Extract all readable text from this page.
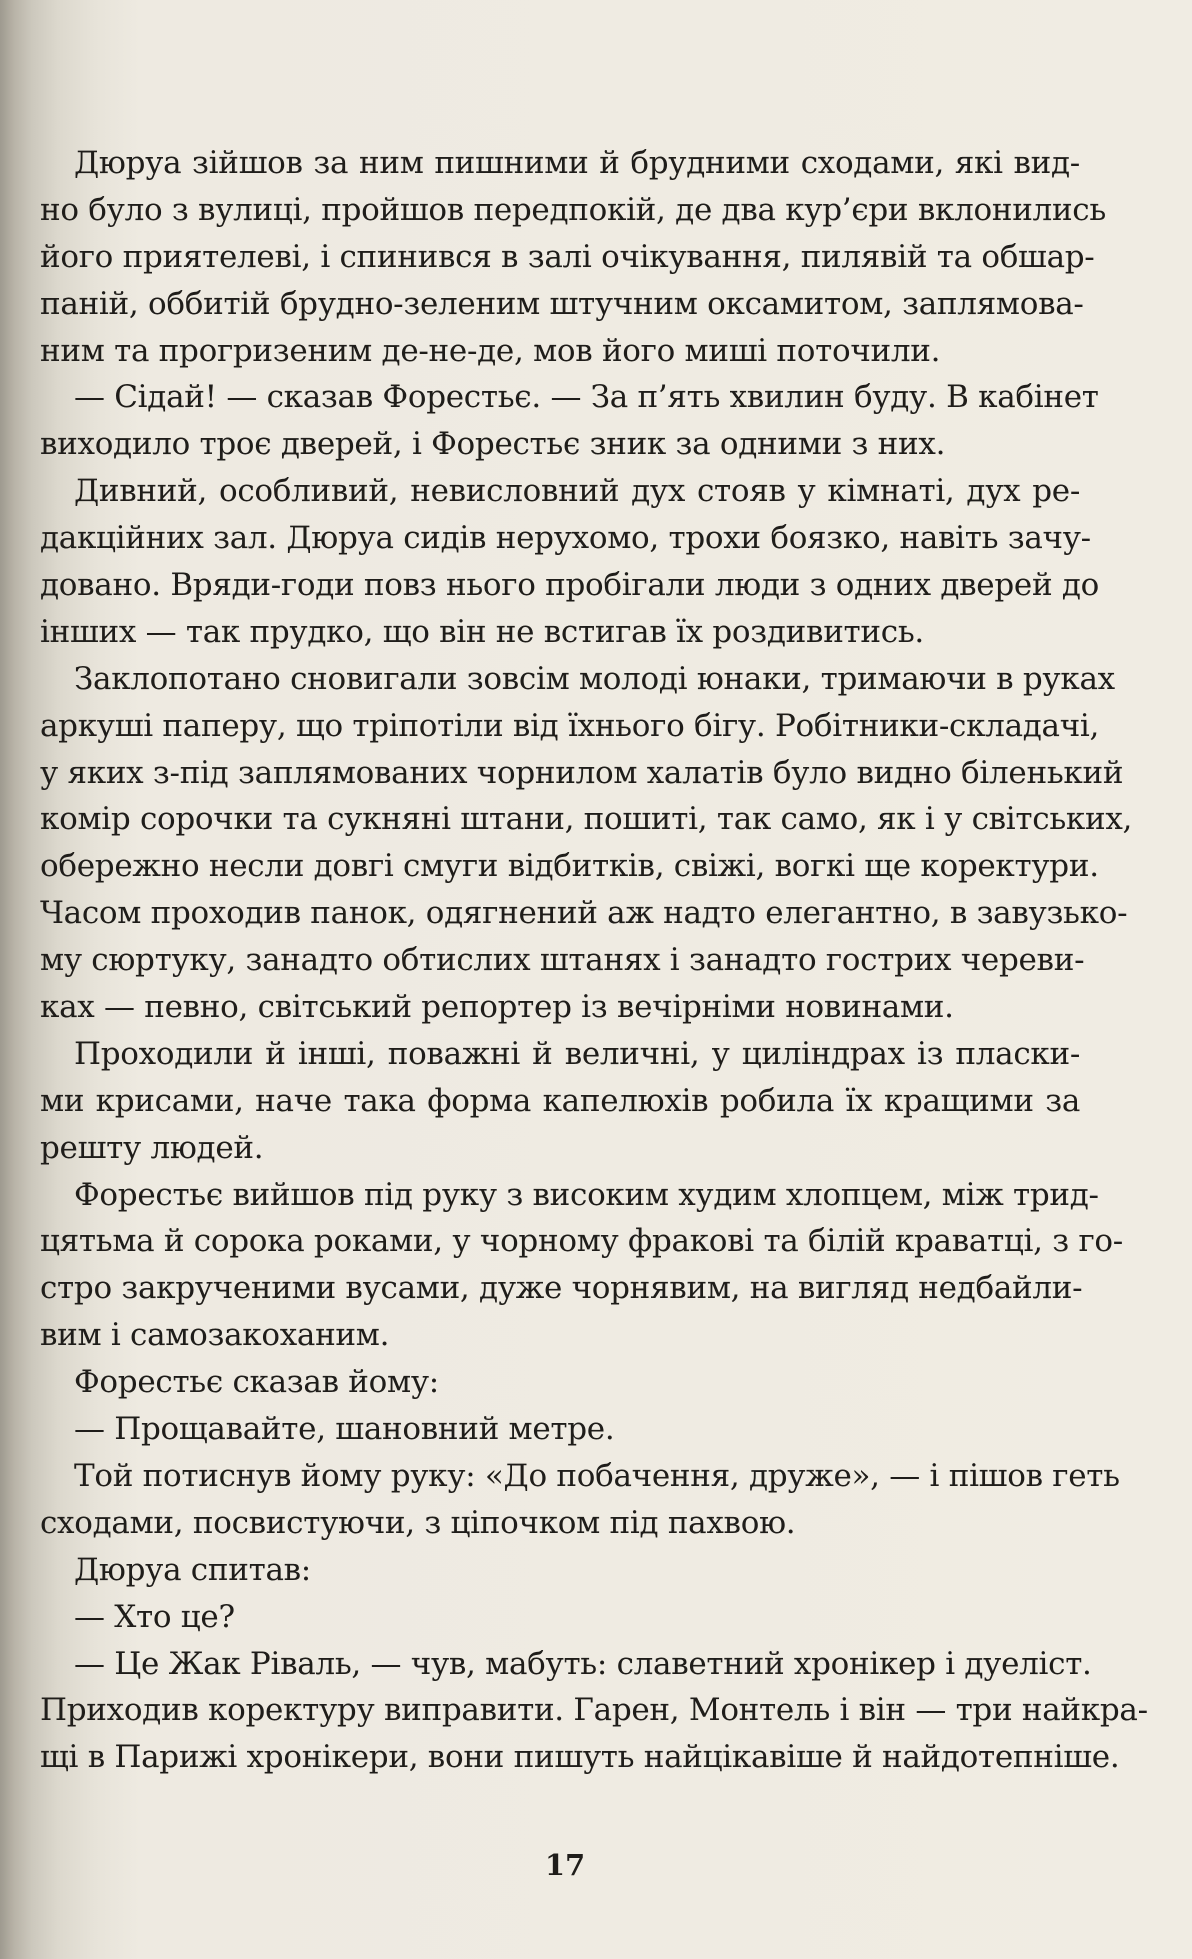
Дюруа зійшов за ним пишними й брудними сходами, які вид-
но було з вулиці, пройшов передпокій, де два кур’єри вклонились
його приятелеві, і спинився в залі очікування, пилявій та обшар-
паній, оббитій брудно-зеленим штучним оксамитом, заплямова-
ним та прогризеним де-не-де, мов його миші поточили.
— Сідай! — сказав Форестьє. — За п’ять хвилин буду. В кабінет
виходило троє дверей, і Форестьє зник за одними з них.
Дивний, особливий, невисловний дух стояв у кімнаті, дух ре-
дакційних зал. Дюруа сидів нерухомо, трохи боязко, навіть зачу-
довано. Вряди-годи повз нього пробігали люди з одних дверей до
інших — так прудко, що він не встигав їх роздивитись.
Заклопотано сновигали зовсім молоді юнаки, тримаючи в руках
аркуші паперу, що тріпотіли від їхнього бігу. Робітники-складачі,
у яких з-під заплямованих чорнилом халатів було видно біленький
комір сорочки та сукняні штани, пошиті, так само, як і у світських,
обережно несли довгі смуги відбитків, свіжі, вогкі ще коректури.
Часом проходив панок, одягнений аж надто елегантно, в завузько-
му сюртуку, занадто обтислих штанях і занадто гострих череви-
ках — певно, світський репортер із вечірніми новинами.
Проходили й інші, поважні й величні, у циліндрах із пласки-
ми крисами, наче така форма капелюхів робила їх кращими за
решту людей.
Форестьє вийшов під руку з високим худим хлопцем, між трид-
цятьма й сорока роками, у чорному фракові та білій краватці, з го-
стро закрученими вусами, дуже чорнявим, на вигляд недбайли-
вим і самозакоханим.
Форестьє сказав йому:
— Прощавайте, шановний метре.
Той потиснув йому руку: «До побачення, друже», — і пішов геть
сходами, посвистуючи, з ціпочком під пахвою.
Дюруа спитав:
— Хто це?
— Це Жак Ріваль, — чув, мабуть: славетний хронікер і дуеліст.
Приходив коректуру виправити. Гарен, Монтель і він — три найкра-
щі в Парижі хронікери, вони пишуть найцікавіше й найдотепніше.
17
